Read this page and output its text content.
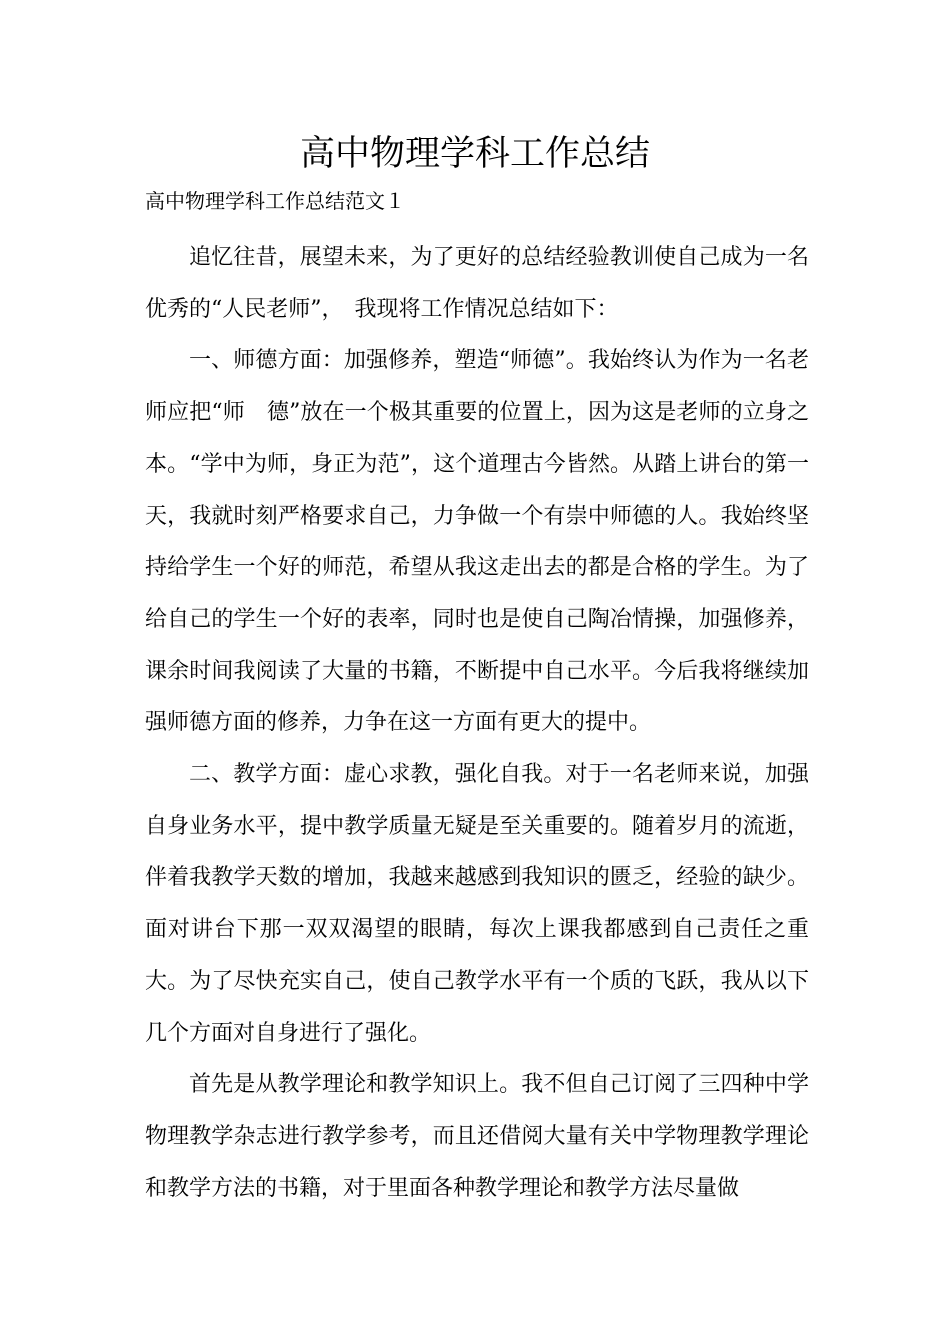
高中物理学科工作总结

高中物理学科工作总结范文１

追忆往昔，展望未来，为了更好的总结经验教训使自己成为一名优秀的“人民老师”，　我现将工作情况总结如下：

一、师德方面：加强修养，塑造“师德”。我始终认为作为一名老师应把“师　德”放在一个极其重要的位置上，因为这是老师的立身之本。“学中为师，身正为范”，这个道理古今皆然。从踏上讲台的第一天，我就时刻严格要求自己，力争做一个有崇中师德的人。我始终坚持给学生一个好的师范，希望从我这走出去的都是合格的学生。为了给自己的学生一个好的表率，同时也是使自己陶冶情操，加强修养，课余时间我阅读了大量的书籍，不断提中自己水平。今后我将继续加强师德方面的修养，力争在这一方面有更大的提中。

二、教学方面：虚心求教，强化自我。对于一名老师来说，加强自身业务水平，提中教学质量无疑是至关重要的。随着岁月的流逝，伴着我教学天数的增加，我越来越感到我知识的匮乏，经验的缺少。面对讲台下那一双双渴望的眼睛，每次上课我都感到自己责任之重大。为了尽快充实自己，使自己教学水平有一个质的飞跃，我从以下几个方面对自身进行了强化。

首先是从教学理论和教学知识上。我不但自己订阅了三四种中学物理教学杂志进行教学参考，而且还借阅大量有关中学物理教学理论和教学方法的书籍，对于里面各种教学理论和教学方法尽量做
